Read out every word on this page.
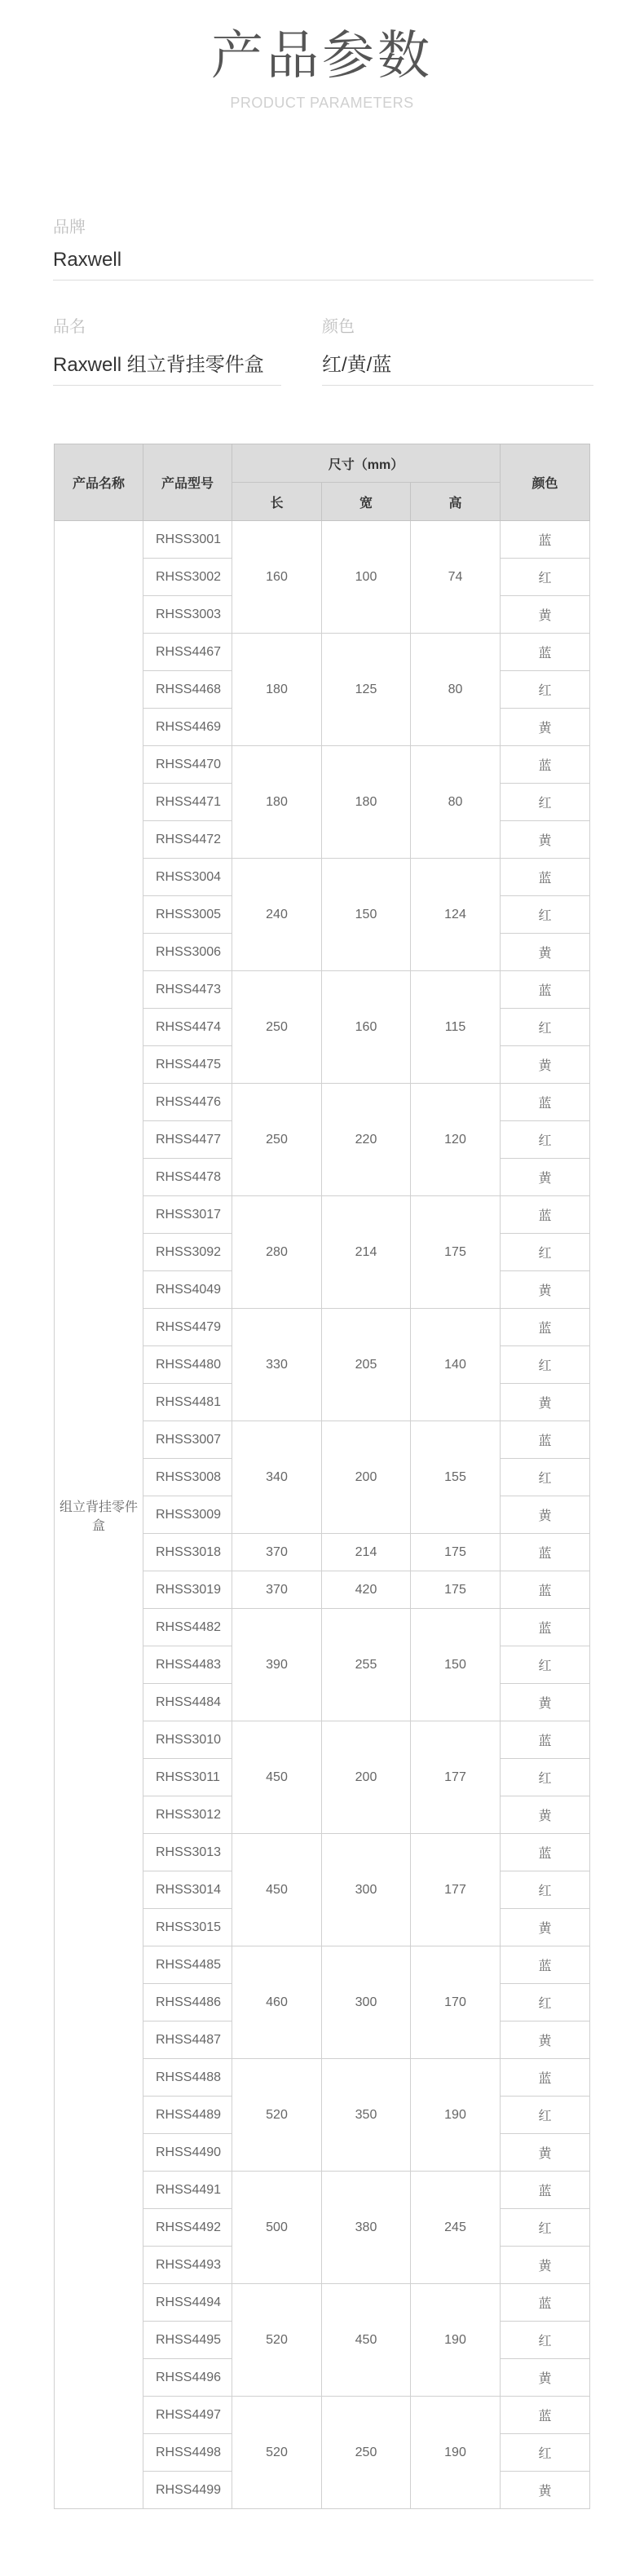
产品参数
PRODUCT PARAMETERS
品牌
Raxwell
品名
Raxwell 组立背挂零件盒
颜色
红/黄/蓝
产品名称	产品型号	尺寸（mm）			颜色
		长	宽	高	
组立背挂零件盒	RHSS3001	160	100	74	蓝
	RHSS3002				红
	RHSS3003				黄
	RHSS4467	180	125	80	蓝
	RHSS4468				红
	RHSS4469				黄
	RHSS4470	180	180	80	蓝
	RHSS4471				红
	RHSS4472				黄
	RHSS3004	240	150	124	蓝
	RHSS3005				红
	RHSS3006				黄
	RHSS4473	250	160	115	蓝
	RHSS4474				红
	RHSS4475				黄
	RHSS4476	250	220	120	蓝
	RHSS4477				红
	RHSS4478				黄
	RHSS3017	280	214	175	蓝
	RHSS3092				红
	RHSS4049				黄
	RHSS4479	330	205	140	蓝
	RHSS4480				红
	RHSS4481				黄
	RHSS3007	340	200	155	蓝
	RHSS3008				红
	RHSS3009				黄
	RHSS3018	370	214	175	蓝
	RHSS3019	370	420	175	蓝
	RHSS4482	390	255	150	蓝
	RHSS4483				红
	RHSS4484				黄
	RHSS3010	450	200	177	蓝
	RHSS3011				红
	RHSS3012				黄
	RHSS3013	450	300	177	蓝
	RHSS3014				红
	RHSS3015				黄
	RHSS4485	460	300	170	蓝
	RHSS4486				红
	RHSS4487				黄
	RHSS4488	520	350	190	蓝
	RHSS4489				红
	RHSS4490				黄
	RHSS4491	500	380	245	蓝
	RHSS4492				红
	RHSS4493				黄
	RHSS4494	520	450	190	蓝
	RHSS4495				红
	RHSS4496				黄
	RHSS4497	520	250	190	蓝
	RHSS4498				红
	RHSS4499				黄
